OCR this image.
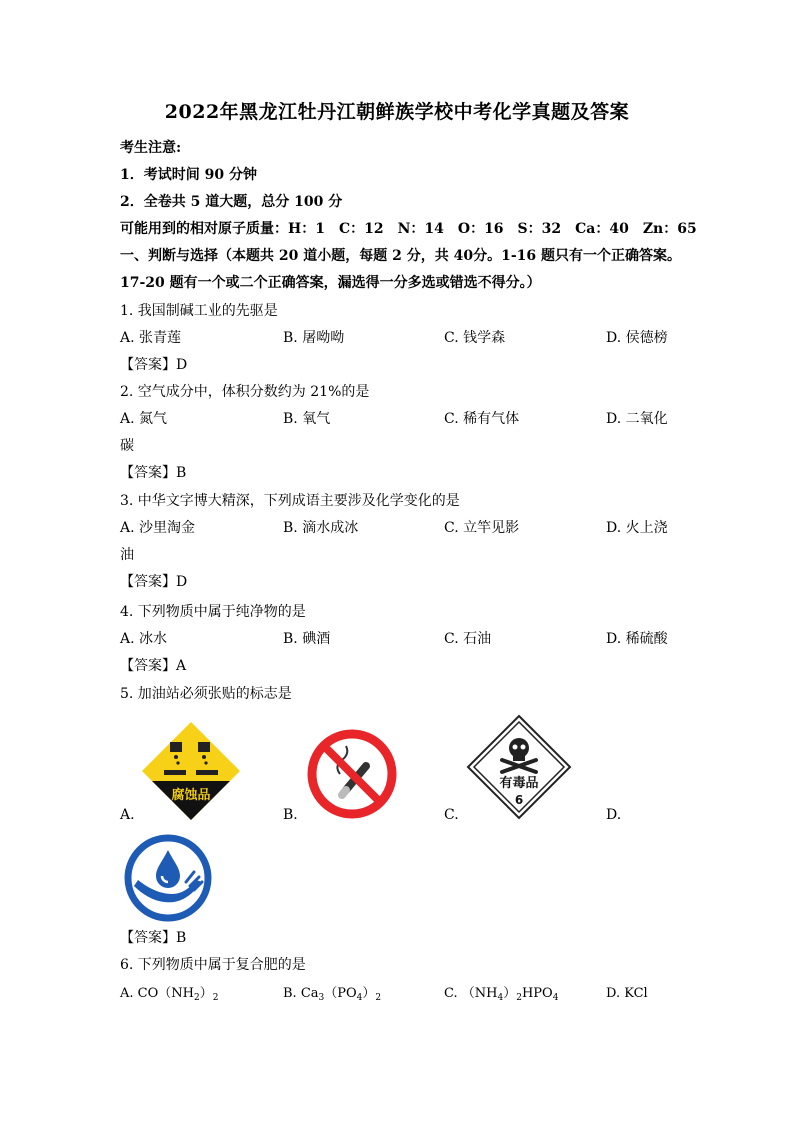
2022年黑龙江牡丹江朝鲜族学校中考化学真题及答案
考生注意:
1．考试时间 90 分钟
2．全卷共 5 道大题，总分 100 分
可能用到的相对原子质量：H：1　C：12　N：14　O：16　S：32　Ca：40　Zn：65
一、判断与选择（本题共 20 道小题，每题 2 分，共 40分。1-16 题只有一个正确答案。
17-20 题有一个或二个正确答案，漏选得一分多选或错选不得分。）
1. 我国制碱工业的先驱是
A. 张青莲	B. 屠呦呦	C. 钱学森	D. 侯德榜
【答案】D
2. 空气成分中，体积分数约为 21%的是
A. 氮气	B. 氧气	C. 稀有气体	D. 二氧化
碳
【答案】B
3. 中华文字博大精深，下列成语主要涉及化学变化的是
A. 沙里淘金	B. 滴水成冰	C. 立竿见影	D. 火上浇
油
【答案】D
4. 下列物质中属于纯净物的是
A. 冰水	B. 碘酒	C. 石油	D. 稀硫酸
【答案】A
5. 加油站必须张贴的标志是
腐蚀品
A.	B.
有毒品
6
C.	D.
【答案】B
6. 下列物质中属于复合肥的是
A. $CO(NH_2)_2$	B. $Ca_3(PO_4)_2$	C. $(NH_4)_2HPO_4$	D. KCl
